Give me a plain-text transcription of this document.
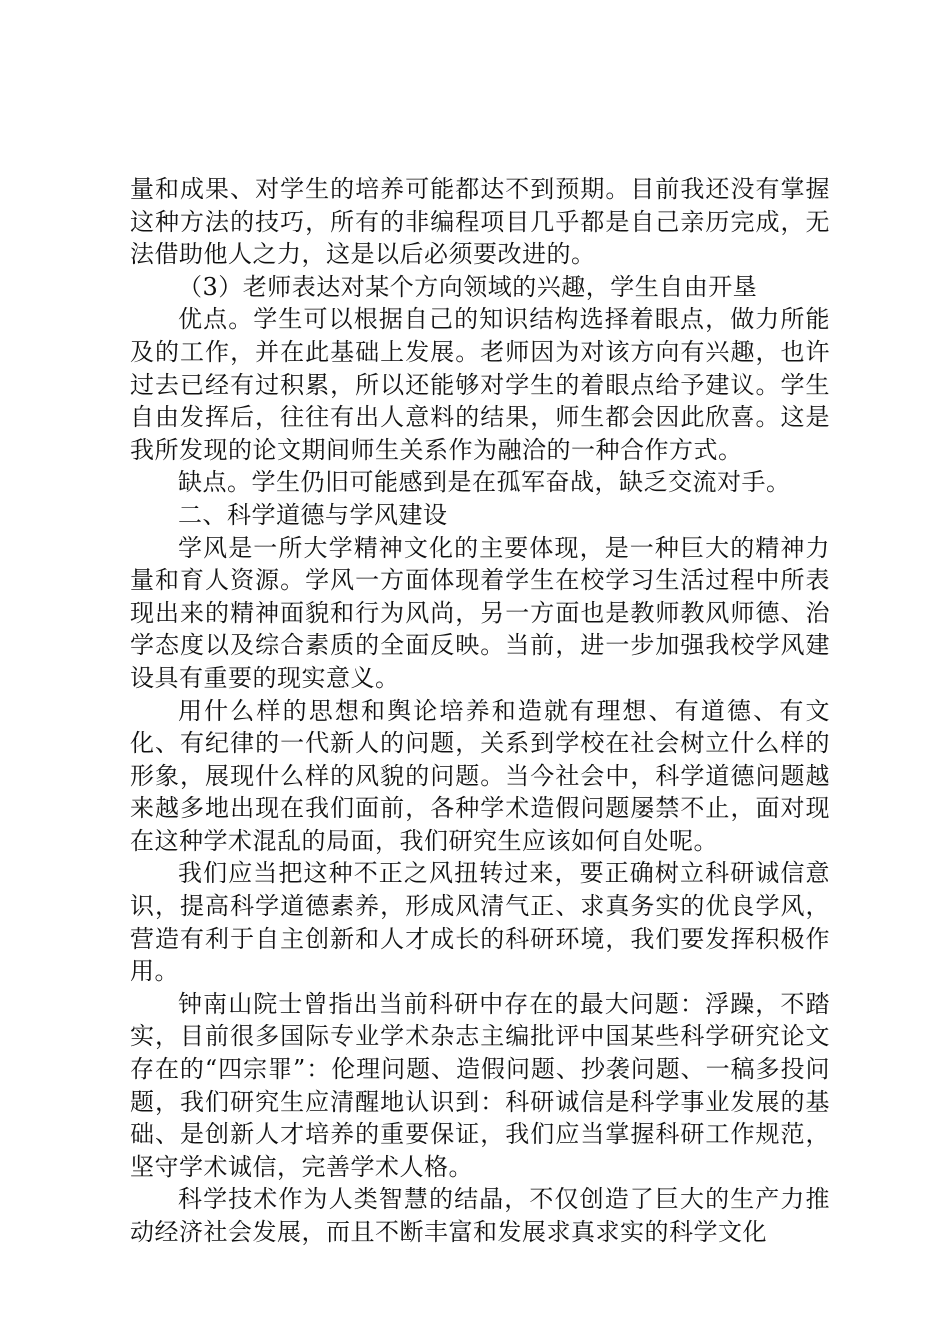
量和成果、对学生的培养可能都达不到预期。目前我还没有掌握这种方法的技巧，所有的非编程项目几乎都是自己亲历完成，无法借助他人之力，这是以后必须要改进的。

（3）老师表达对某个方向领域的兴趣，学生自由开垦

优点。学生可以根据自己的知识结构选择着眼点，做力所能及的工作，并在此基础上发展。老师因为对该方向有兴趣，也许过去已经有过积累，所以还能够对学生的着眼点给予建议。学生自由发挥后，往往有出人意料的结果，师生都会因此欣喜。这是我所发现的论文期间师生关系作为融洽的一种合作方式。

缺点。学生仍旧可能感到是在孤军奋战，缺乏交流对手。

二、科学道德与学风建设

学风是一所大学精神文化的主要体现，是一种巨大的精神力量和育人资源。学风一方面体现着学生在校学习生活过程中所表现出来的精神面貌和行为风尚，另一方面也是教师教风师德、治学态度以及综合素质的全面反映。当前，进一步加强我校学风建设具有重要的现实意义。

用什么样的思想和舆论培养和造就有理想、有道德、有文化、有纪律的一代新人的问题，关系到学校在社会树立什么样的形象，展现什么样的风貌的问题。当今社会中，科学道德问题越来越多地出现在我们面前，各种学术造假问题屡禁不止，面对现在这种学术混乱的局面，我们研究生应该如何自处呢。

我们应当把这种不正之风扭转过来，要正确树立科研诚信意识，提高科学道德素养，形成风清气正、求真务实的优良学风，营造有利于自主创新和人才成长的科研环境，我们要发挥积极作用。

钟南山院士曾指出当前科研中存在的最大问题：浮躁，不踏实，目前很多国际专业学术杂志主编批评中国某些科学研究论文存在的“四宗罪”：伦理问题、造假问题、抄袭问题、一稿多投问题，我们研究生应清醒地认识到：科研诚信是科学事业发展的基础、是创新人才培养的重要保证，我们应当掌握科研工作规范，坚守学术诚信，完善学术人格。

科学技术作为人类智慧的结晶，不仅创造了巨大的生产力推动经济社会发展，而且不断丰富和发展求真求实的科学文化
